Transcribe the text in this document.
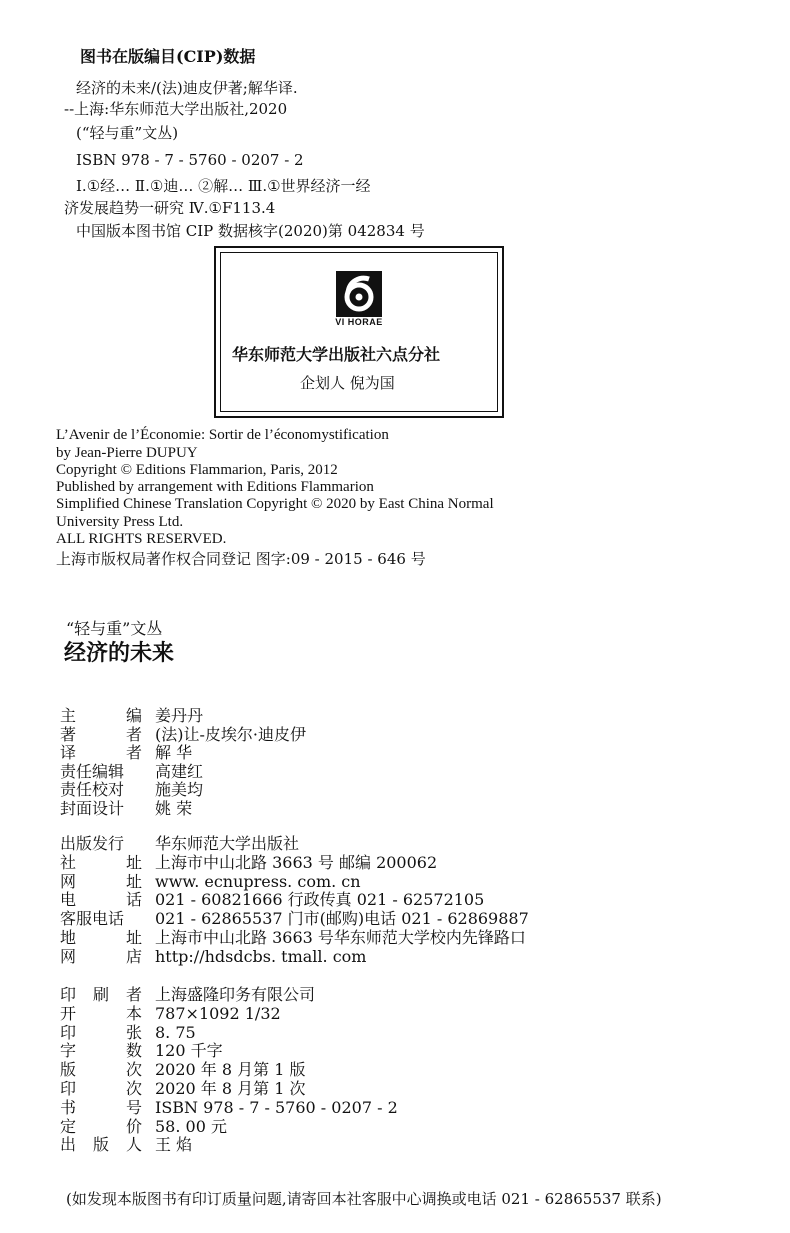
图书在版编目(CIP)数据
经济的未来/(法)迪皮伊著;解华译.
--上海:华东师范大学出版社,2020
(“轻与重”文丛)
ISBN 978 - 7 - 5760 - 0207 - 2
Ⅰ.①经… Ⅱ.①迪… ②解… Ⅲ.①世界经济一经
济发展趋势一研究 Ⅳ.①F113.4
中国版本图书馆 CIP 数据核字(2020)第 042834 号
VI HORAE
华东师范大学出版社六点分社
企划人 倪为国
L’Avenir de l’Économie: Sortir de l’économystification
by Jean-Pierre DUPUY
Copyright © Editions Flammarion, Paris, 2012
Published by arrangement with Editions Flammarion
Simplified Chinese Translation Copyright © 2020 by East China Normal
University Press Ltd.
ALL RIGHTS RESERVED.
上海市版权局著作权合同登记 图字:09 - 2015 - 646 号
“轻与重”文丛
经济的未来
主	编 姜丹丹
著	者 (法)让-皮埃尔·迪皮伊
译	者 解 华
责任编辑 高建红
责任校对 施美均
封面设计 姚 荣
出版发行 华东师范大学出版社
社	址 上海市中山北路 3663 号 邮编 200062
网	址 www. ecnupress. com. cn
电	话 021 - 60821666 行政传真 021 - 62572105
客服电话 021 - 62865537 门市(邮购)电话 021 - 62869887
地	址 上海市中山北路 3663 号华东师范大学校内先锋路口
网	店 http://hdsdcbs. tmall. com
印 刷 者 上海盛隆印务有限公司
开	本 787×1092 1/32
印	张 8. 75
字	数 120 千字
版	次 2020 年 8 月第 1 版
印	次 2020 年 8 月第 1 次
书	号 ISBN 978 - 7 - 5760 - 0207 - 2
定	价 58. 00 元
出 版 人 王 焰
(如发现本版图书有印订质量问题,请寄回本社客服中心调换或电话 021 - 62865537 联系)
